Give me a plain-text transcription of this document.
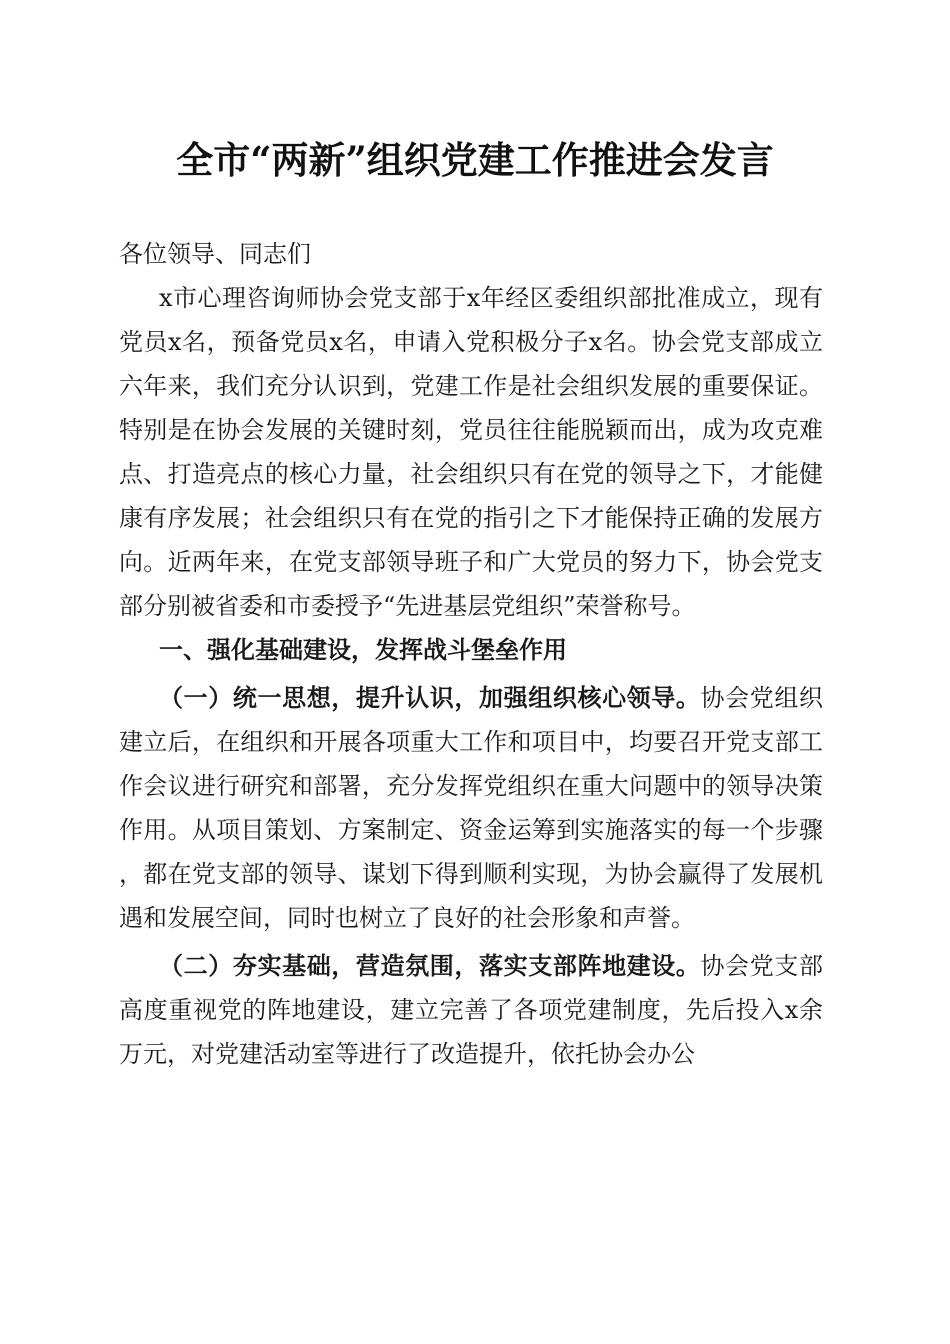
全市“两新”组织党建工作推进会发言

各位领导、同志们

x市心理咨询师协会党支部于x年经区委组织部批准成立，现有党员x名，预备党员x名，申请入党积极分子x名。协会党支部成立六年来，我们充分认识到，党建工作是社会组织发展的重要保证。特别是在协会发展的关键时刻，党员往往能脱颖而出，成为攻克难点、打造亮点的核心力量，社会组织只有在党的领导之下，才能健康有序发展；社会组织只有在党的指引之下才能保持正确的发展方向。近两年来，在党支部领导班子和广大党员的努力下，协会党支部分别被省委和市委授予“先进基层党组织”荣誉称号。

一、强化基础建设，发挥战斗堡垒作用

（一）统一思想，提升认识，加强组织核心领导。协会党组织建立后，在组织和开展各项重大工作和项目中，均要召开党支部工作会议进行研究和部署，充分发挥党组织在重大问题中的领导决策作用。从项目策划、方案制定、资金运筹到实施落实的每一个步骤，都在党支部的领导、谋划下得到顺利实现，为协会赢得了发展机遇和发展空间，同时也树立了良好的社会形象和声誉。

（二）夯实基础，营造氛围，落实支部阵地建设。协会党支部高度重视党的阵地建设，建立完善了各项党建制度，先后投入x余万元，对党建活动室等进行了改造提升，依托协会办公
